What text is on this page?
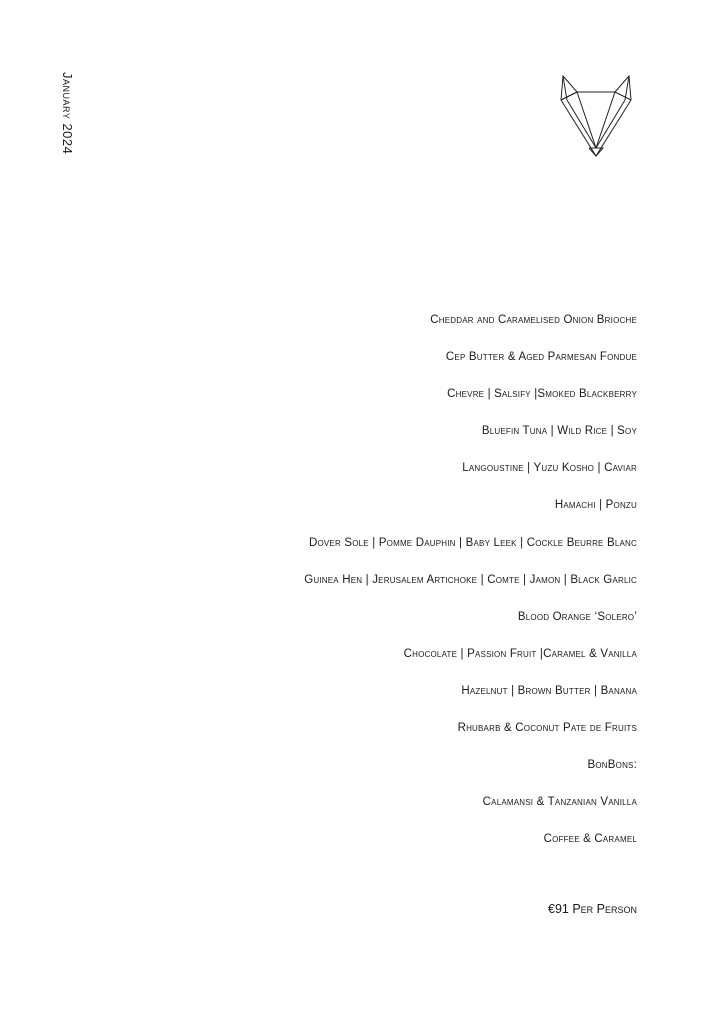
January 2024
Cheddar and Caramelised Onion Brioche
Cep Butter & Aged Parmesan Fondue
Chevre | Salsify |Smoked Blackberry
Bluefin Tuna | Wild Rice | Soy
Langoustine | Yuzu Kosho | Caviar
Hamachi | Ponzu
Dover Sole | Pomme Dauphin | Baby Leek | Cockle Beurre Blanc
Guinea Hen | Jerusalem Artichoke | Comte | Jamon | Black Garlic
Blood Orange ‘Solero’
Chocolate | Passion Fruit |Caramel & Vanilla
Hazelnut | Brown Butter | Banana
Rhubarb & Coconut Pate de Fruits
BonBons:
Calamansi & Tanzanian Vanilla
Coffee & Caramel
€91 Per Person
